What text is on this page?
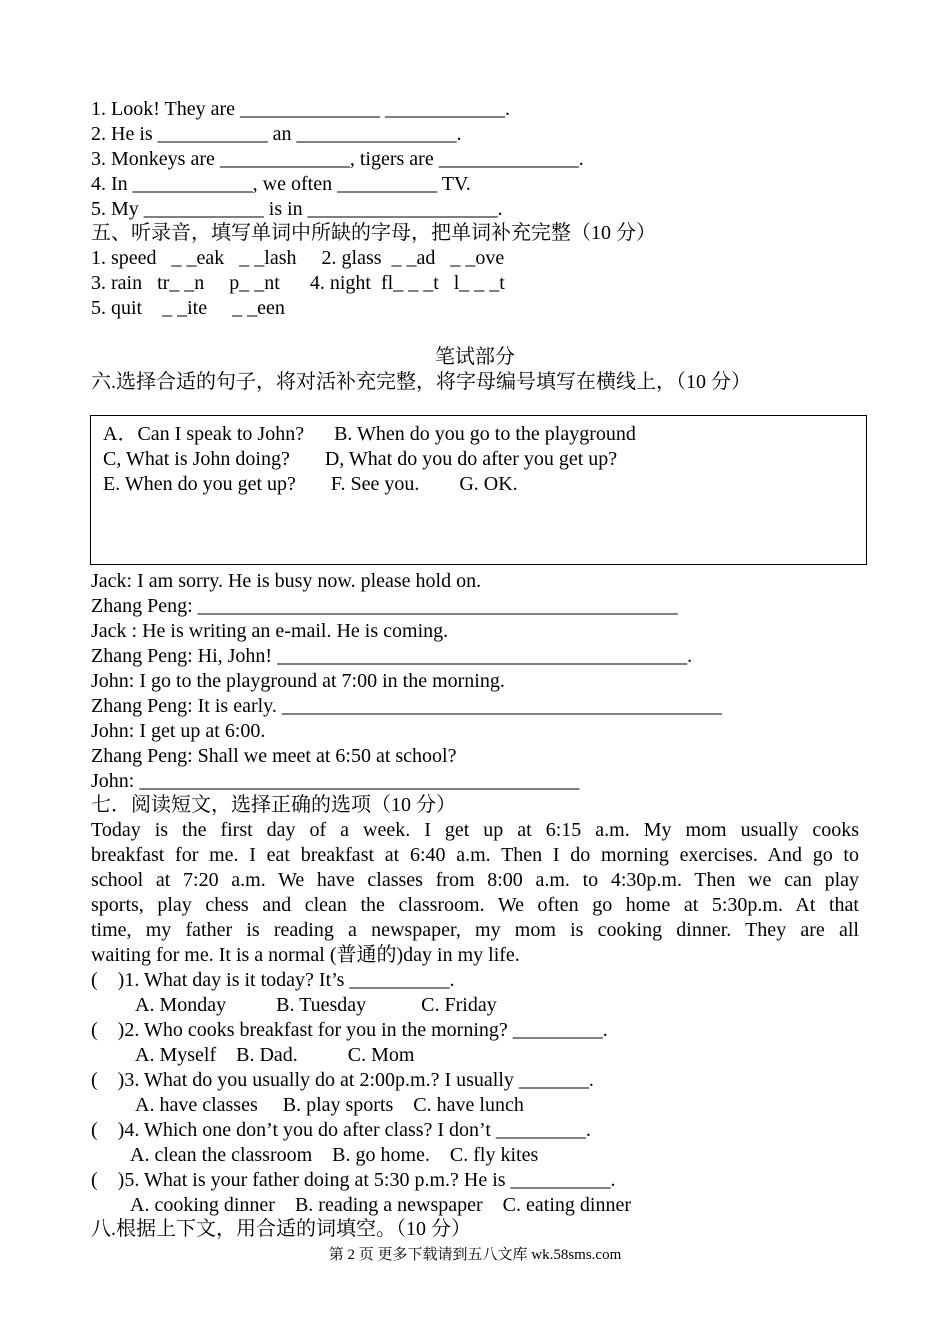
1. Look! They are ______________ ____________.
2. He is ___________ an ________________.
3. Monkeys are _____________, tigers are ______________.
4. In ____________, we often __________ TV.
5. My ____________ is in ___________________.
五、听录音，填写单词中所缺的字母，把单词补充完整（10 分）
1. speed   _ _eak   _ _lash     2. glass  _ _ad   _ _ove
3. rain   tr_ _n     p_ _nt      4. night  fl_ _ _t   l_ _ _t
5. quit    _ _ite     _ _een
笔试部分
六.选择合适的句子，将对活补充完整，将字母编号填写在横线上，（10 分）
A．Can I speak to John?      B. When do you go to the playground
C, What is John doing?       D, What do you do after you get up?
E. When do you get up?       F. See you.        G. OK.
Jack: I am sorry. He is busy now. please hold on.
Zhang Peng: ________________________________________________
Jack : He is writing an e-mail. He is coming.
Zhang Peng: Hi, John! _________________________________________.
John: I go to the playground at 7:00 in the morning.
Zhang Peng: It is early. ____________________________________________
John: I get up at 6:00.
Zhang Peng: Shall we meet at 6:50 at school?
John: ____________________________________________
七．阅读短文，选择正确的选项（10 分）
Today is the first day of a week. I get up at 6:15 a.m. My mom usually cooks
breakfast for me. I eat breakfast at 6:40 a.m. Then I do morning exercises. And go to
school at 7:20 a.m. We have classes from 8:00 a.m. to 4:30p.m. Then we can play
sports, play chess and clean the classroom. We often go home at 5:30p.m. At that
time, my father is reading a newspaper, my mom is cooking dinner. They are all
waiting for me. It is a normal (普通的)day in my life.
(    )1. What day is it today? It’s __________.
A. Monday          B. Tuesday           C. Friday
(    )2. Who cooks breakfast for you in the morning? _________.
A. Myself    B. Dad.          C. Mom
(    )3. What do you usually do at 2:00p.m.? I usually _______.
A. have classes     B. play sports    C. have lunch
(    )4. Which one don’t you do after class? I don’t _________.
A. clean the classroom    B. go home.    C. fly kites
(    )5. What is your father doing at 5:30 p.m.? He is __________.
A. cooking dinner    B. reading a newspaper    C. eating dinner
八.根据上下文，用合适的词填空。（10 分）
第 2 页 更多下载请到五八文库 wk.58sms.com
